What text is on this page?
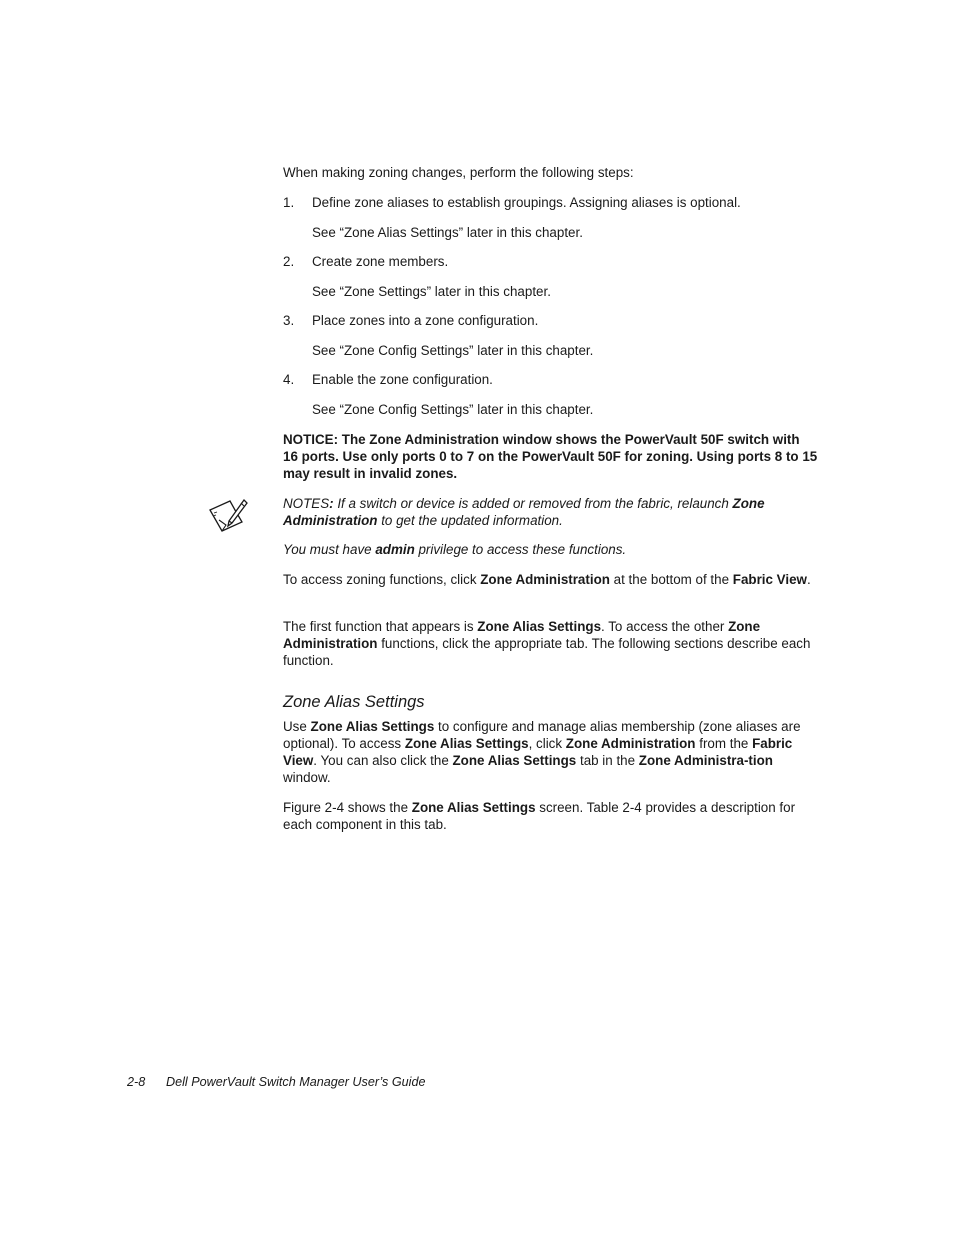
When making zoning changes, perform the following steps:

1. Define zone aliases to establish groupings. Assigning aliases is optional.
See “Zone Alias Settings” later in this chapter.
2. Create zone members.
See “Zone Settings” later in this chapter.
3. Place zones into a zone configuration.
See “Zone Config Settings” later in this chapter.
4. Enable the zone configuration.
See “Zone Config Settings” later in this chapter.

NOTICE: The Zone Administration window shows the PowerVault 50F switch with 16 ports. Use only ports 0 to 7 on the PowerVault 50F for zoning. Using ports 8 to 15 may result in invalid zones.

NOTES: If a switch or device is added or removed from the fabric, relaunch Zone Administration to get the updated information.

You must have admin privilege to access these functions.

To access zoning functions, click Zone Administration at the bottom of the Fabric View.

The first function that appears is Zone Alias Settings. To access the other Zone Administration functions, click the appropriate tab. The following sections describe each function.

Zone Alias Settings

Use Zone Alias Settings to configure and manage alias membership (zone aliases are optional). To access Zone Alias Settings, click Zone Administration from the Fabric View. You can also click the Zone Alias Settings tab in the Zone Administra-tion window.

Figure 2-4 shows the Zone Alias Settings screen. Table 2-4 provides a description for each component in this tab.

2-8 Dell PowerVault Switch Manager User’s Guide
